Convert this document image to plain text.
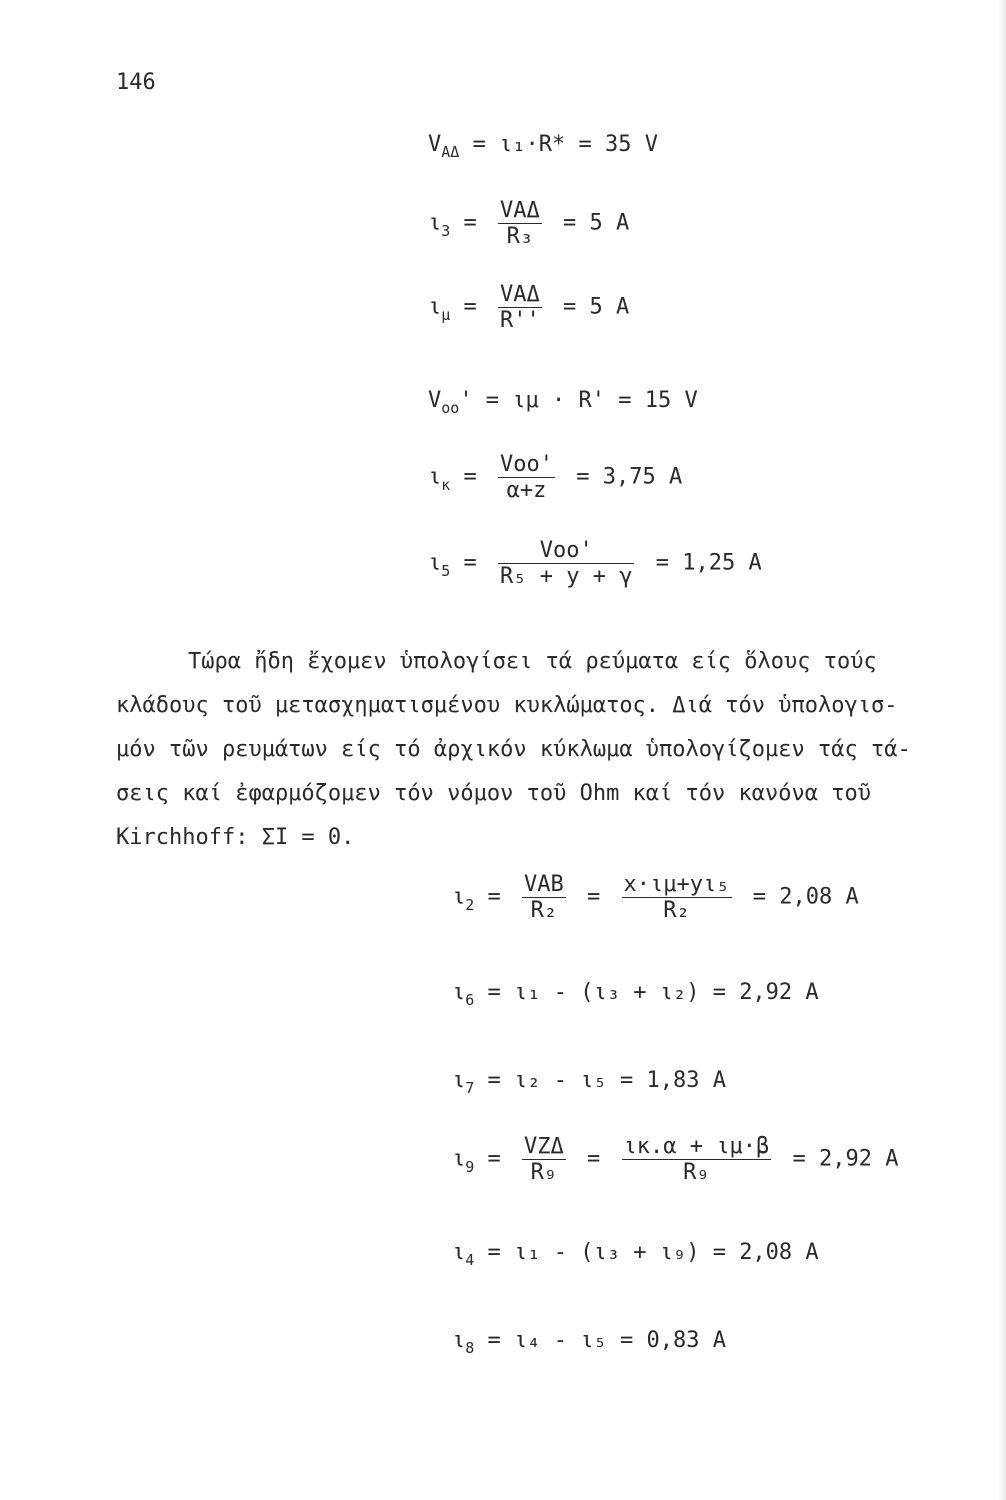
146
$V_{A\Delta} = \iota_1\cdot R* = 35$ V
$\iota_3 = \frac{\text{VΑΔ}}{\text{R₃}} = 5$ A
$\iota_\mu = \frac{\text{VΑΔ}}{R''} = 5$ A
$V_{oo}' = \iota\mu \cdot R' = 15$ V
$\iota_\kappa = \frac{\text{Voo'}}{\alpha+z} = 3,75$ A
$\iota_5 = \frac{\text{Voo'}}{\text{R₅ + y + γ}} = 1,25$ A
Τώρα ἤδη ἔχομεν ὑπολογίσει τά ρεύματα είς ὅλους τούς
κλάδους τοῦ μετασχηματισμένου κυκλώματος. Διά τόν ὑπολογισ-
μόν τῶν ρευμάτων είς τό ἀρχικόν κύκλωμα ὑπολογίζομεν τάς τά-
σεις καί ἐφαρμόζομεν τόν νόμον τοῦ Ohm καί τόν κανόνα τοῦ
Kirchhoff: ΣI = 0.
$\iota_2 = \frac{\text{VAB}}{\text{R₂}} = \frac{\text{x·ιμ+yι₅}}{\text{R₂}} = 2,08$ A
$\iota_6 = \iota_1 - (\iota_3 + \iota_2) = 2,92$ A
$\iota_7 = \iota_2 - \iota_5 = 1,83$ A
$\iota_9 = \frac{\text{VΖΔ}}{\text{R₉}} = \frac{\iota\kappa.\alpha + \iota\mu\cdot\beta}{\text{R₉}} = 2,92$ A
$\iota_4 = \iota_1 - (\iota_3 + \iota_9) = 2,08$ A
$\iota_8 = \iota_4 - \iota_5 = 0,83$ A
